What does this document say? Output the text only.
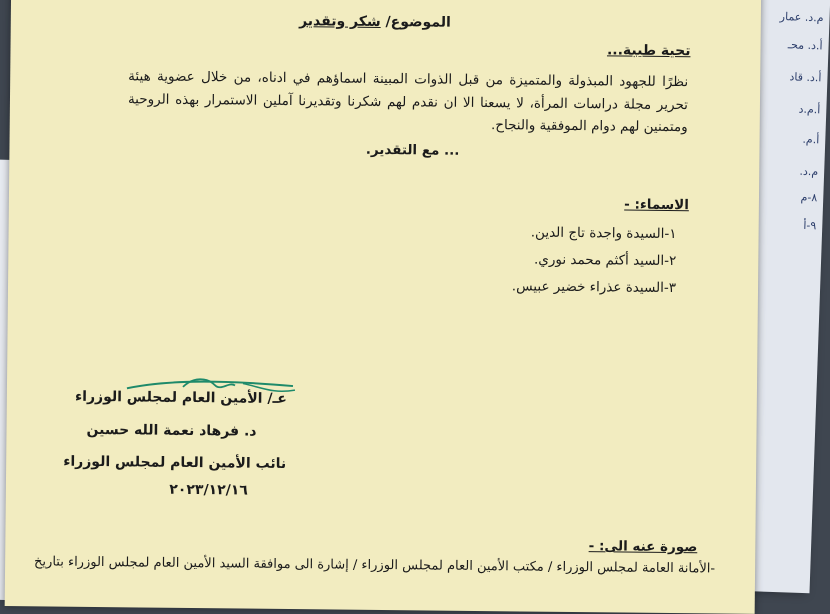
م.د. عمار
أ.د. محـ
أ.د. قاد
أ.م.د
أ.م.
م.د.
٨-م
٩-أ
الموضوع/ شكر وتقدير
تحية طيبة...
نظرًا للجهود المبذولة والمتميزة من قبل الذوات المبينة اسماؤهم في ادناه، من خلال عضوية هيئة تحرير مجلة دراسات المرأة، لا يسعنا الا ان نقدم لهم شكرنا وتقديرنا آملين الاستمرار بهذه الروحية ومتمنين لهم دوام الموفقية والنجاح.
... مع التقدير.
الاسماء: -
١-السيدة واجدة تاج الدين.
٢-السيد أكثم محمد نوري.
٣-السيدة عذراء خضير عبيس.
عـ/ الأمين العام لمجلس الوزراء
د. فرهاد نعمة الله حسين
نائب الأمين العام لمجلس الوزراء
٢٠٢٣/١٢/١٦
صورة عنه الى: -
-الأمانة العامة لمجلس الوزراء / مكتب الأمين العام لمجلس الوزراء / إشارة الى موافقة السيد الأمين العام لمجلس الوزراء بتاريخ
